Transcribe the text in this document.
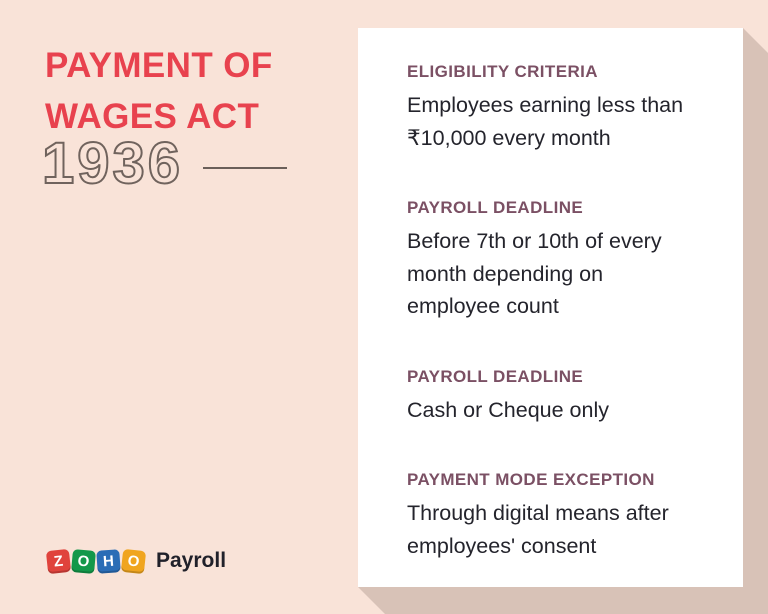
PAYMENT OF
WAGES ACT
1936
ELIGIBILITY CRITERIA
Employees earning less than
₹10,000 every month
PAYROLL DEADLINE
Before 7th or 10th of every
month depending on
employee count
PAYROLL DEADLINE
Cash or Cheque only
PAYMENT MODE EXCEPTION
Through digital means after
employees' consent
Z O H O Payroll
